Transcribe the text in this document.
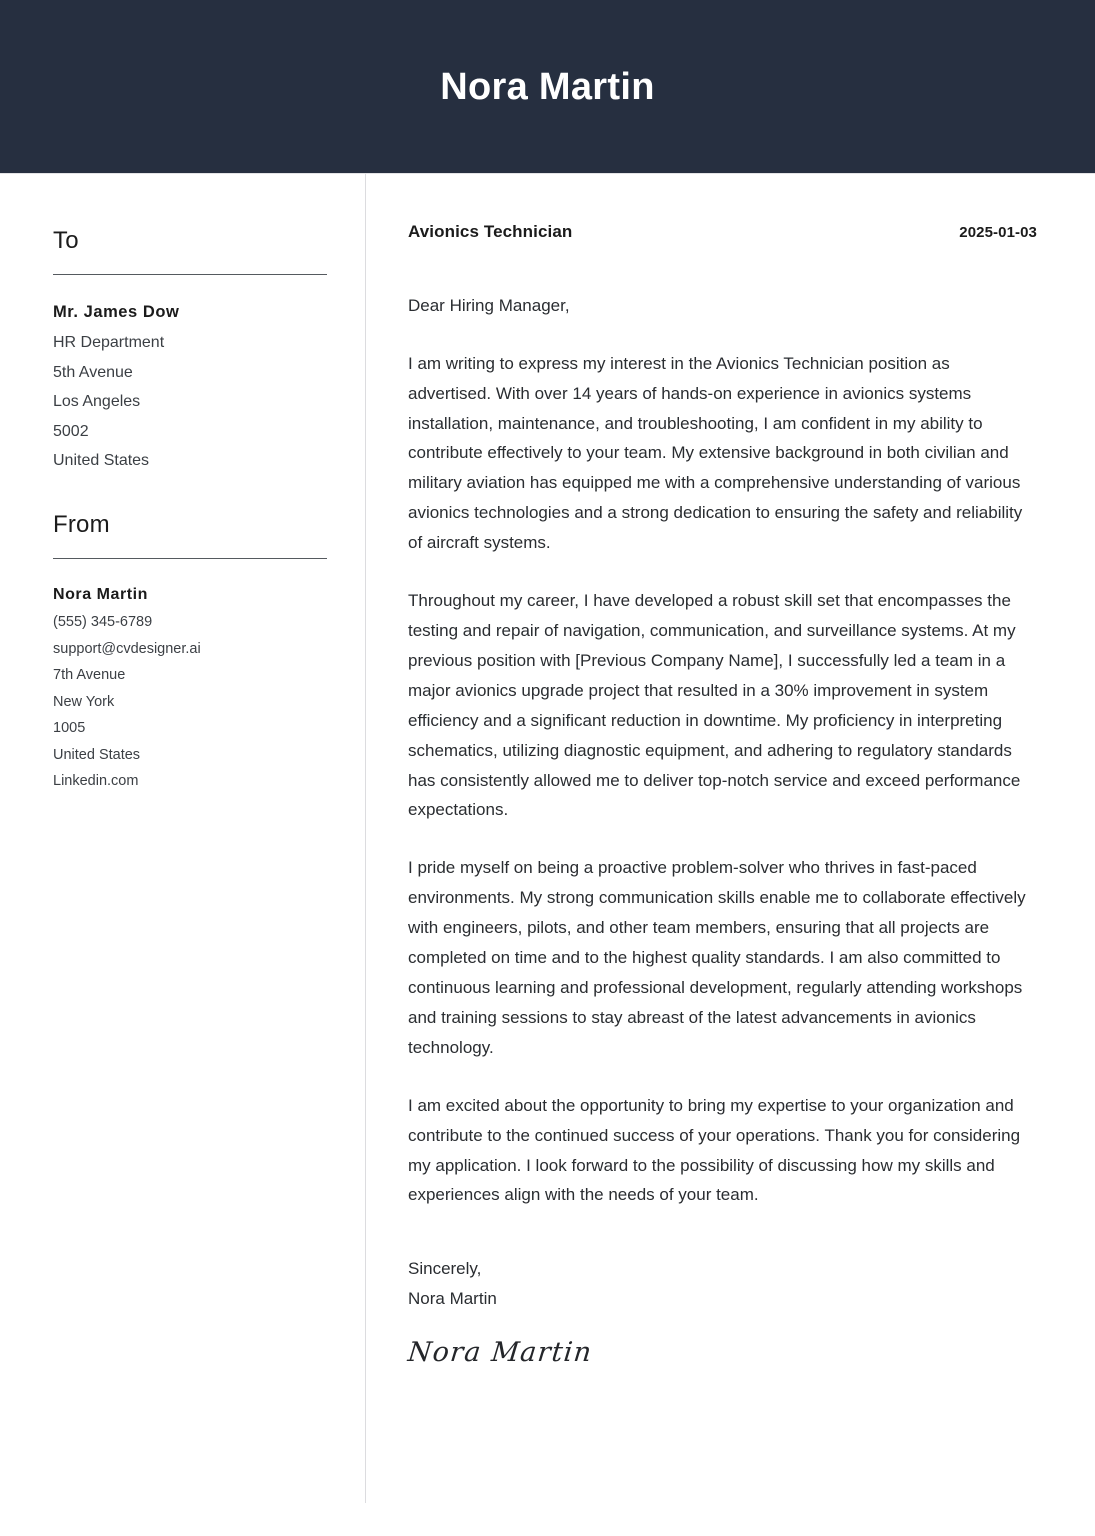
Nora Martin
To
Mr. James Dow
HR Department
5th Avenue
Los Angeles
5002
United States
From
Nora Martin
(555) 345-6789
support@cvdesigner.ai
7th Avenue
New York
1005
United States
Linkedin.com
Avionics Technician	2025-01-03
Dear Hiring Manager,
I am writing to express my interest in the Avionics Technician position as advertised. With over 14 years of hands-on experience in avionics systems installation, maintenance, and troubleshooting, I am confident in my ability to contribute effectively to your team. My extensive background in both civilian and military aviation has equipped me with a comprehensive understanding of various avionics technologies and a strong dedication to ensuring the safety and reliability of aircraft systems.
Throughout my career, I have developed a robust skill set that encompasses the testing and repair of navigation, communication, and surveillance systems. At my previous position with [Previous Company Name], I successfully led a team in a major avionics upgrade project that resulted in a 30% improvement in system efficiency and a significant reduction in downtime. My proficiency in interpreting schematics, utilizing diagnostic equipment, and adhering to regulatory standards has consistently allowed me to deliver top-notch service and exceed performance expectations.
I pride myself on being a proactive problem-solver who thrives in fast-paced environments. My strong communication skills enable me to collaborate effectively with engineers, pilots, and other team members, ensuring that all projects are completed on time and to the highest quality standards. I am also committed to continuous learning and professional development, regularly attending workshops and training sessions to stay abreast of the latest advancements in avionics technology.
I am excited about the opportunity to bring my expertise to your organization and contribute to the continued success of your operations. Thank you for considering my application. I look forward to the possibility of discussing how my skills and experiences align with the needs of your team.
Sincerely,
Nora Martin
Nora Martin
